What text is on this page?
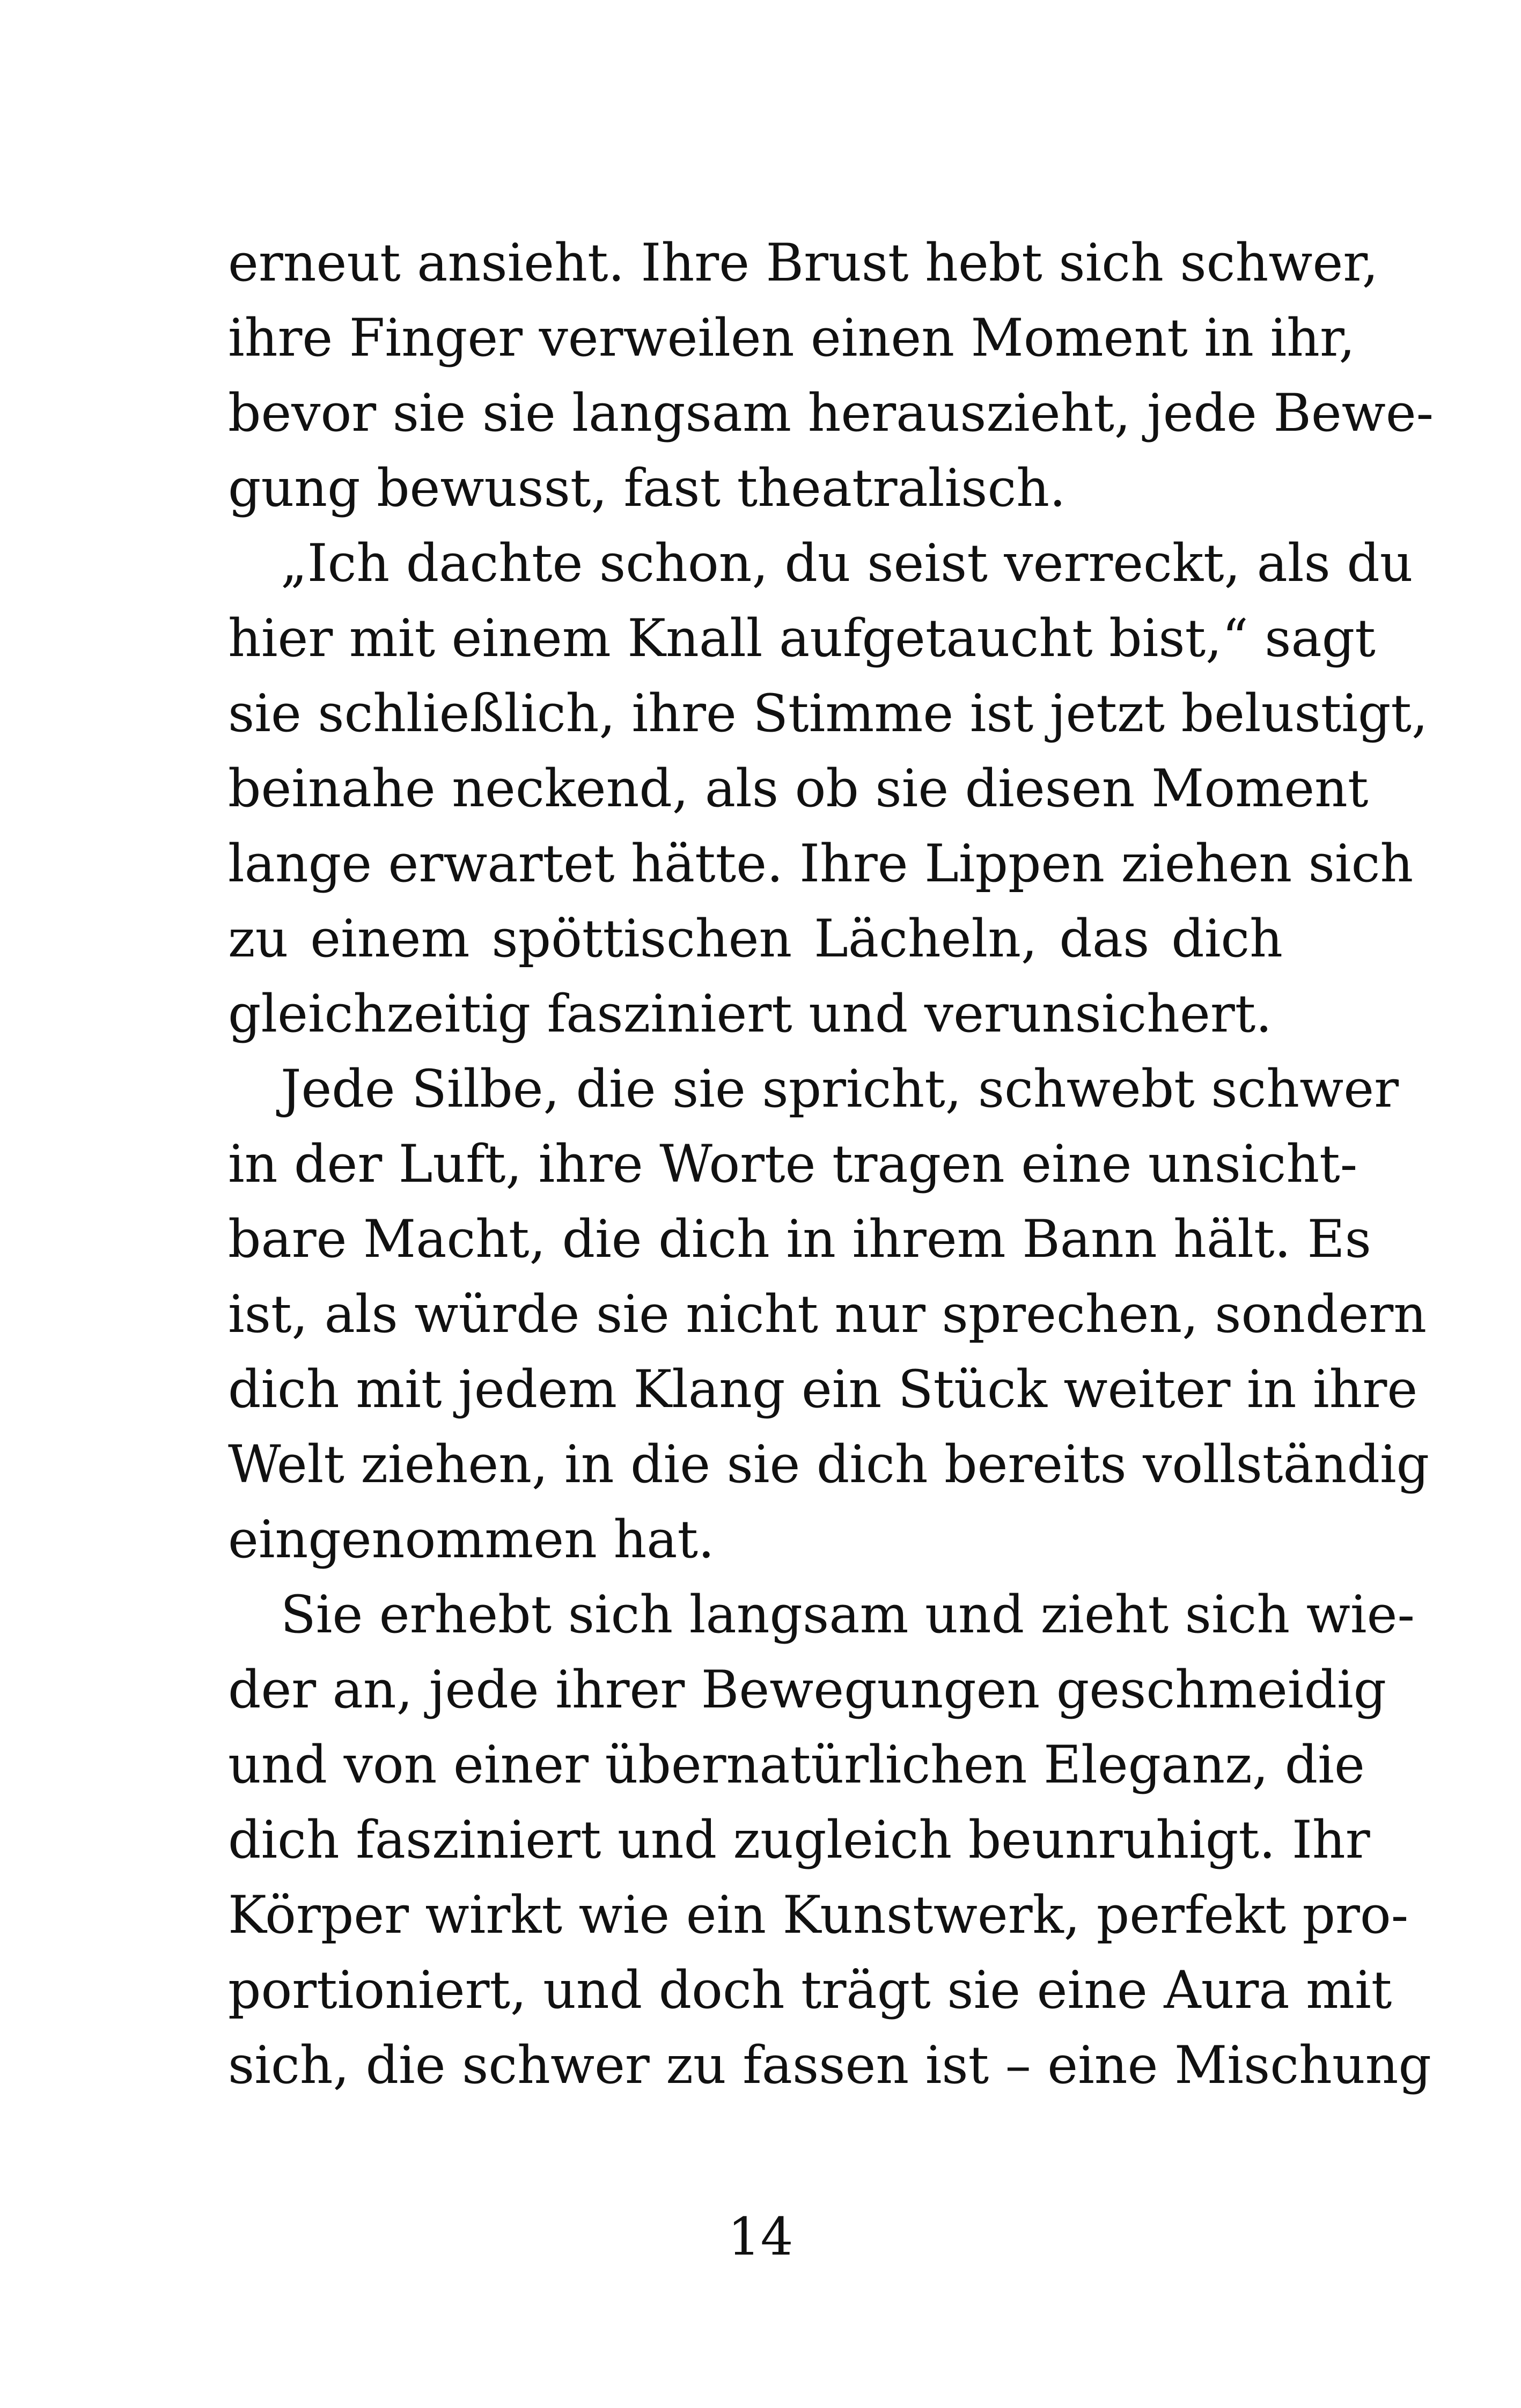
erneut ansieht. Ihre Brust hebt sich schwer,
ihre Finger verweilen einen Moment in ihr,
bevor sie sie langsam herauszieht, jede Bewe-
gung bewusst, fast theatralisch.
„Ich dachte schon, du seist verreckt, als du
hier mit einem Knall aufgetaucht bist,“ sagt
sie schließlich, ihre Stimme ist jetzt belustigt,
beinahe neckend, als ob sie diesen Moment
lange erwartet hätte. Ihre Lippen ziehen sich
zu einem spöttischen Lächeln, das dich
gleichzeitig fasziniert und verunsichert.
Jede Silbe, die sie spricht, schwebt schwer
in der Luft, ihre Worte tragen eine unsicht-
bare Macht, die dich in ihrem Bann hält. Es
ist, als würde sie nicht nur sprechen, sondern
dich mit jedem Klang ein Stück weiter in ihre
Welt ziehen, in die sie dich bereits vollständig
eingenommen hat.
Sie erhebt sich langsam und zieht sich wie-
der an, jede ihrer Bewegungen geschmeidig
und von einer übernatürlichen Eleganz, die
dich fasziniert und zugleich beunruhigt. Ihr
Körper wirkt wie ein Kunstwerk, perfekt pro-
portioniert, und doch trägt sie eine Aura mit
sich, die schwer zu fassen ist – eine Mischung
14
